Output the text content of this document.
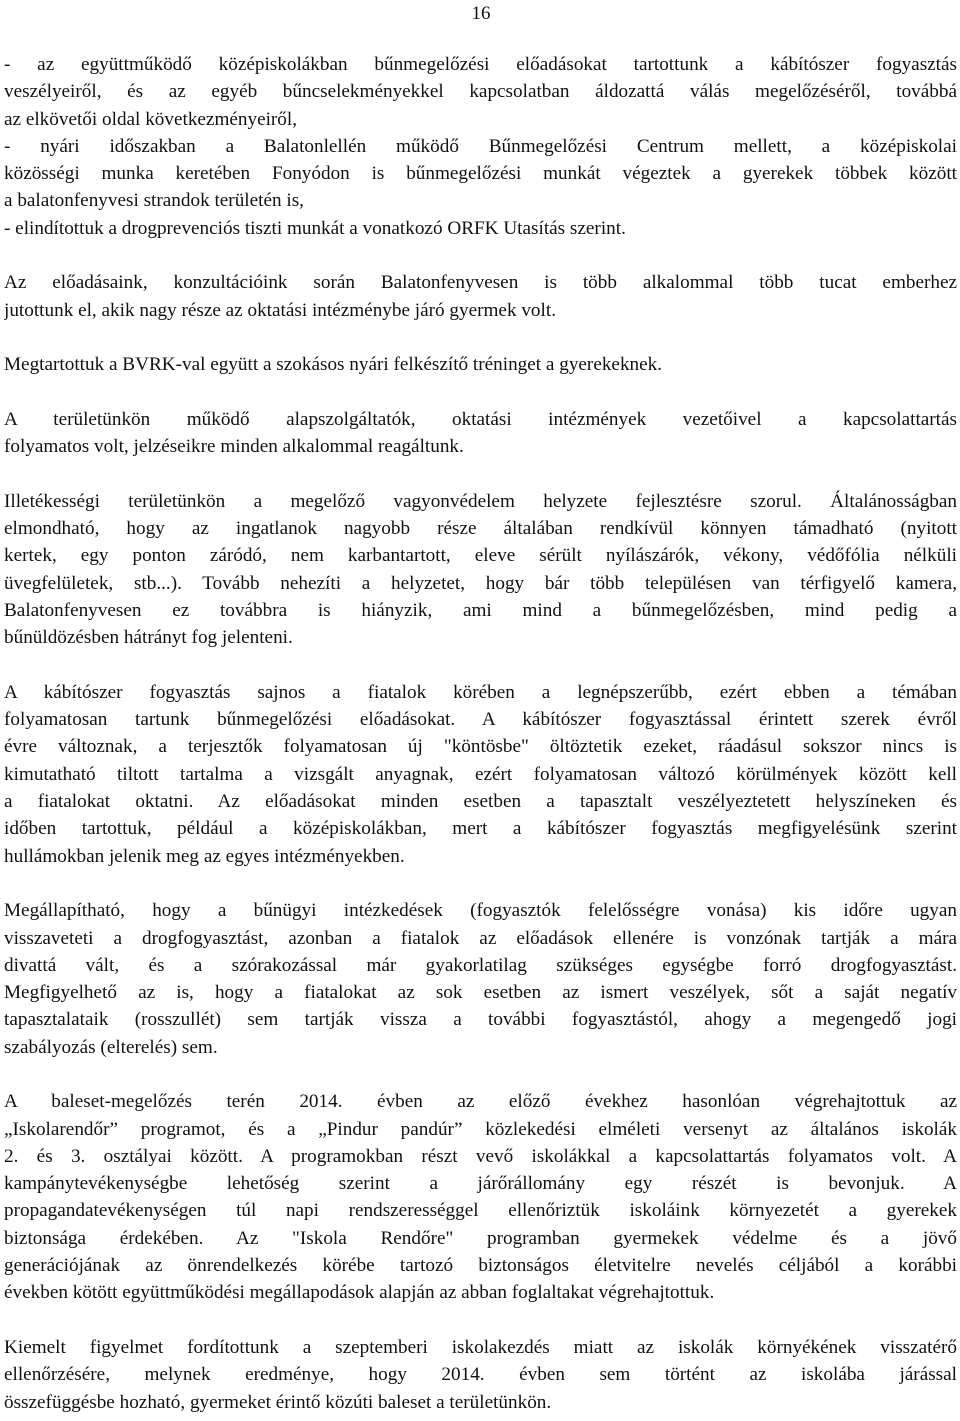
16
- az együttműködő középiskolákban bűnmegelőzési előadásokat tartottunk a kábítószer fogyasztás
veszélyeiről, és az egyéb bűncselekményekkel kapcsolatban áldozattá válás megelőzéséről, továbbá
az elkövetői oldal következményeiről,
- nyári időszakban a Balatonlellén működő Bűnmegelőzési Centrum mellett, a középiskolai
közösségi munka keretében Fonyódon is bűnmegelőzési munkát végeztek a gyerekek többek között
a balatonfenyvesi strandok területén is,
- elindítottuk a drogprevenciós tiszti munkát a vonatkozó ORFK Utasítás szerint.
Az előadásaink, konzultációink során Balatonfenyvesen is több alkalommal több tucat emberhez
jutottunk el, akik nagy része az oktatási intézménybe járó gyermek volt.
Megtartottuk a BVRK-val együtt a szokásos nyári felkészítő tréninget a gyerekeknek.
A területünkön működő alapszolgáltatók, oktatási intézmények vezetőivel a kapcsolattartás
folyamatos volt, jelzéseikre minden alkalommal reagáltunk.
Illetékességi területünkön a megelőző vagyonvédelem helyzete fejlesztésre szorul. Általánosságban
elmondható, hogy az ingatlanok nagyobb része általában rendkívül könnyen támadható (nyitott
kertek, egy ponton záródó, nem karbantartott, eleve sérült nyílászárók, vékony, védőfólia nélküli
üvegfelületek, stb...). Tovább nehezíti a helyzetet, hogy bár több településen van térfigyelő kamera,
Balatonfenyvesen ez továbbra is hiányzik, ami mind a bűnmegelőzésben, mind pedig a
bűnüldözésben hátrányt fog jelenteni.
A kábítószer fogyasztás sajnos a fiatalok körében a legnépszerűbb, ezért ebben a témában
folyamatosan tartunk bűnmegelőzési előadásokat. A kábítószer fogyasztással érintett szerek évről
évre változnak, a terjesztők folyamatosan új "köntösbe" öltöztetik ezeket, ráadásul sokszor nincs is
kimutatható tiltott tartalma a vizsgált anyagnak, ezért folyamatosan változó körülmények között kell
a fiatalokat oktatni. Az előadásokat minden esetben a tapasztalt veszélyeztetett helyszíneken és
időben tartottuk, például a középiskolákban, mert a kábítószer fogyasztás megfigyelésünk szerint
hullámokban jelenik meg az egyes intézményekben.
Megállapítható, hogy a bűnügyi intézkedések (fogyasztók felelősségre vonása) kis időre ugyan
visszaveteti a drogfogyasztást, azonban a fiatalok az előadások ellenére is vonzónak tartják a mára
divattá vált, és a szórakozással már gyakorlatilag szükséges egységbe forró drogfogyasztást.
Megfigyelhető az is, hogy a fiatalokat az sok esetben az ismert veszélyek, sőt a saját negatív
tapasztalataik (rosszullét) sem tartják vissza a további fogyasztástól, ahogy a megengedő jogi
szabályozás (elterelés) sem.
A baleset-megelőzés terén 2014. évben az előző évekhez hasonlóan végrehajtottuk az
„Iskolarendőr” programot, és a „Pindur pandúr” közlekedési elméleti versenyt az általános iskolák
2. és 3. osztályai között. A programokban részt vevő iskolákkal a kapcsolattartás folyamatos volt. A
kampánytevékenységbe lehetőség szerint a járőrállomány egy részét is bevonjuk. A
propagandatevékenységen túl napi rendszerességgel ellenőriztük iskoláink környezetét a gyerekek
biztonsága érdekében. Az "Iskola Rendőre" programban gyermekek védelme és a jövő
generációjának az önrendelkezés körébe tartozó biztonságos életvitelre nevelés céljából a korábbi
években kötött együttműködési megállapodások alapján az abban foglaltakat végrehajtottuk.
Kiemelt figyelmet fordítottunk a szeptemberi iskolakezdés miatt az iskolák környékének visszatérő
ellenőrzésére, melynek eredménye, hogy 2014. évben sem történt az iskolába járással
összefüggésbe hozható, gyermeket érintő közúti baleset a területünkön.
